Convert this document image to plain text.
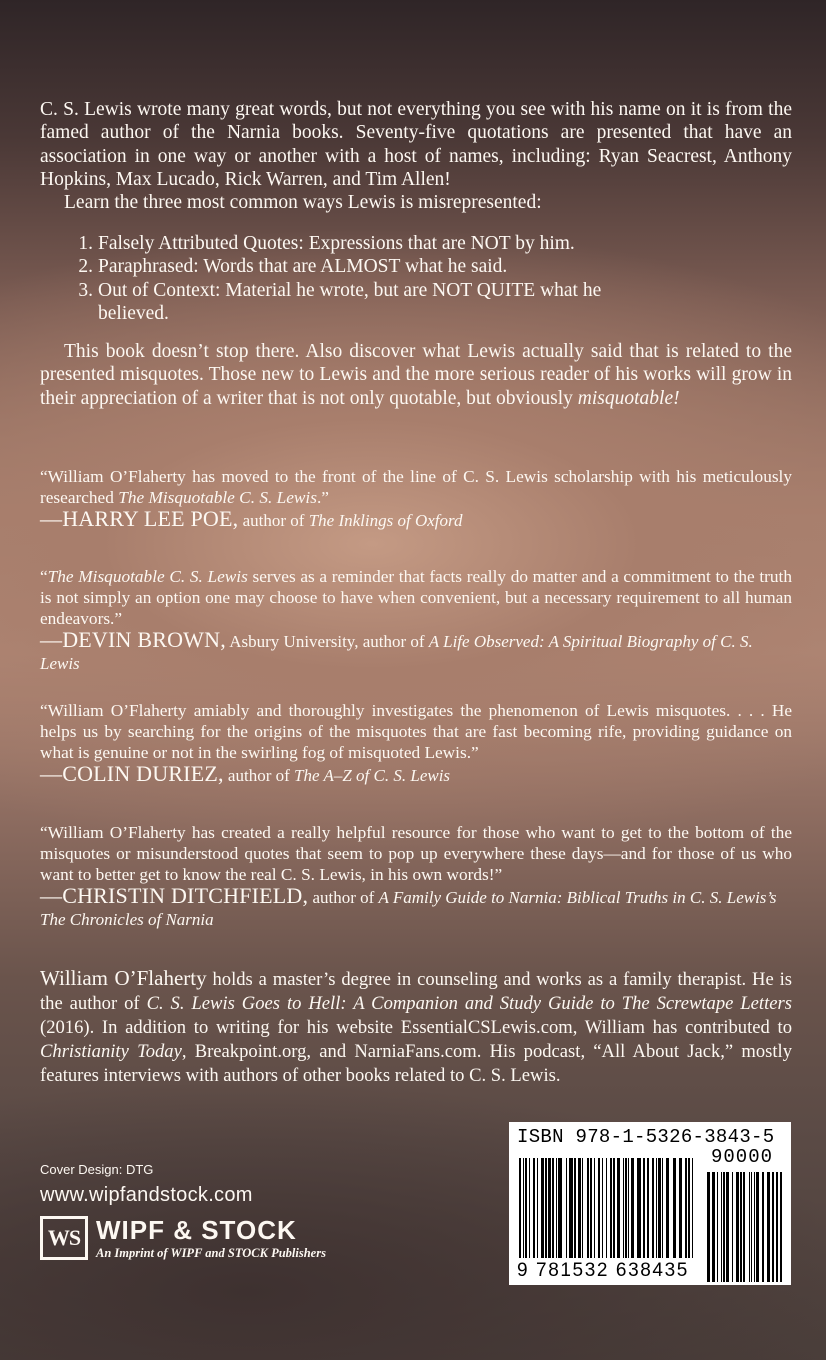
C. S. Lewis wrote many great words, but not everything you see with his name on it is from the famed author of the Narnia books. Seventy-five quotations are presented that have an association in one way or another with a host of names, including: Ryan Seacrest, Anthony Hopkins, Max Lucado, Rick Warren, and Tim Allen!

Learn the three most common ways Lewis is misrepresented:

1. Falsely Attributed Quotes: Expressions that are NOT by him.
2. Paraphrased: Words that are ALMOST what he said.
3. Out of Context: Material he wrote, but are NOT QUITE what he believed.

This book doesn’t stop there. Also discover what Lewis actually said that is related to the presented misquotes. Those new to Lewis and the more serious reader of his works will grow in their appreciation of a writer that is not only quotable, but obviously misquotable!

“William O’Flaherty has moved to the front of the line of C. S. Lewis scholarship with his meticulously researched The Misquotable C. S. Lewis.”

—HARRY LEE POE, author of The Inklings of Oxford

“The Misquotable C. S. Lewis serves as a reminder that facts really do matter and a commitment to the truth is not simply an option one may choose to have when convenient, but a necessary requirement to all human endeavors.”

—DEVIN BROWN, Asbury University, author of A Life Observed: A Spiritual Biography of C. S. Lewis

“William O’Flaherty amiably and thoroughly investigates the phenomenon of Lewis misquotes. . . . He helps us by searching for the origins of the misquotes that are fast becoming rife, providing guidance on what is genuine or not in the swirling fog of misquoted Lewis.”

—COLIN DURIEZ, author of The A–Z of C. S. Lewis

“William O’Flaherty has created a really helpful resource for those who want to get to the bottom of the misquotes or misunderstood quotes that seem to pop up everywhere these days—and for those of us who want to better get to know the real C. S. Lewis, in his own words!”

—CHRISTIN DITCHFIELD, author of A Family Guide to Narnia: Biblical Truths in C. S. Lewis’s The Chronicles of Narnia

William O’Flaherty holds a master’s degree in counseling and works as a family therapist. He is the author of C. S. Lewis Goes to Hell: A Companion and Study Guide to The Screwtape Letters (2016). In addition to writing for his website EssentialCSLewis.com, William has contributed to Christianity Today, Breakpoint.org, and NarniaFans.com. His podcast, “All About Jack,” mostly features interviews with authors of other books related to C. S. Lewis.

Cover Design: DTG
www.wipfandstock.com
WS WIPF & STOCK
An Imprint of WIPF and STOCK Publishers
ISBN 978-1-5326-3843-5
90000
9 781532 638435
